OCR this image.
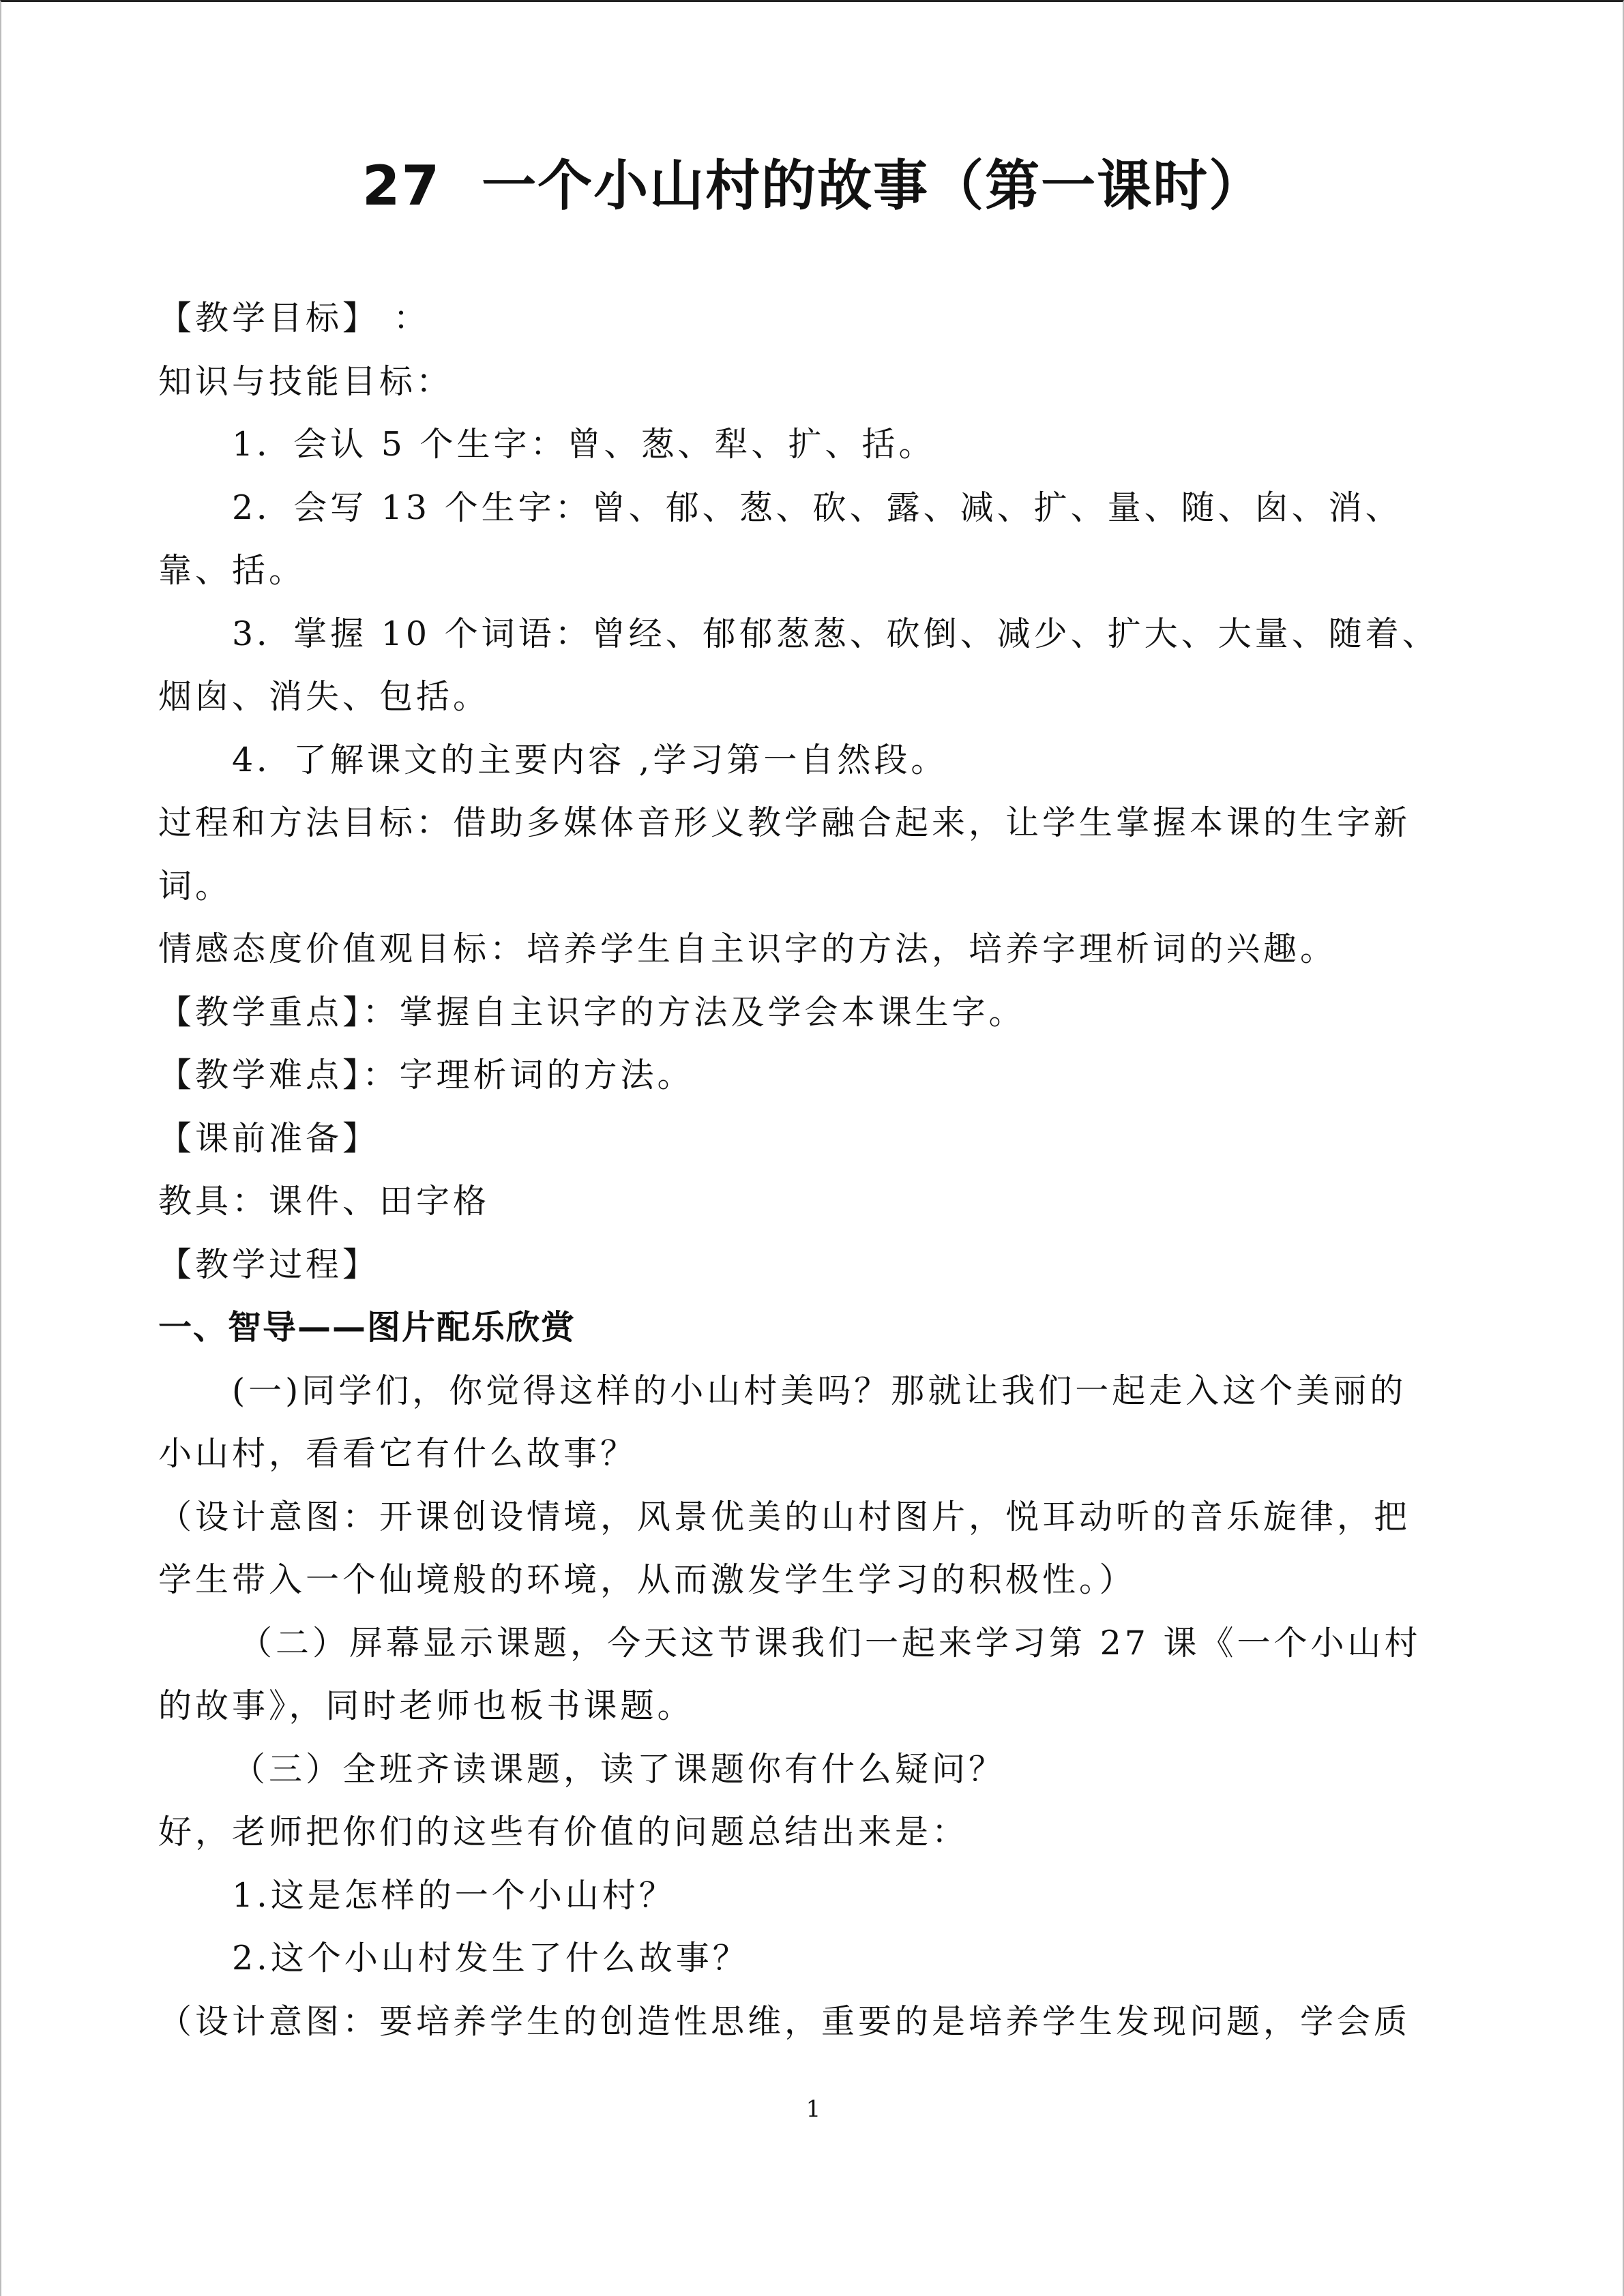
27 一个小山村的故事（第一课时）
【教学目标】 ：
知识与技能目标：
1．会认 5 个生字：曾、葱、犁、扩、括。
2．会写 13 个生字：曾、郁、葱、砍、露、减、扩、量、随、囱、消、
靠、括。
3．掌握 10 个词语：曾经、郁郁葱葱、砍倒、减少、扩大、大量、随着、
烟囱、消失、包括。
4．了解课文的主要内容 ,学习第一自然段。
过程和方法目标：借助多媒体音形义教学融合起来，让学生掌握本课的生字新
词。
情感态度价值观目标：培养学生自主识字的方法，培养字理析词的兴趣。
【教学重点】：掌握自主识字的方法及学会本课生字。
【教学难点】：字理析词的方法。
【课前准备】
教具：课件、田字格
【教学过程】
一、智导——图片配乐欣赏
(一)同学们，你觉得这样的小山村美吗？那就让我们一起走入这个美丽的
小山村，看看它有什么故事？
（设计意图：开课创设情境，风景优美的山村图片，悦耳动听的音乐旋律，把
学生带入一个仙境般的环境，从而激发学生学习的积极性。）
（二）屏幕显示课题，今天这节课我们一起来学习第 27 课《一个小山村
的故事》，同时老师也板书课题。
（三）全班齐读课题，读了课题你有什么疑问？
好，老师把你们的这些有价值的问题总结出来是：
1.这是怎样的一个小山村？
2.这个小山村发生了什么故事？
（设计意图：要培养学生的创造性思维，重要的是培养学生发现问题，学会质
1
